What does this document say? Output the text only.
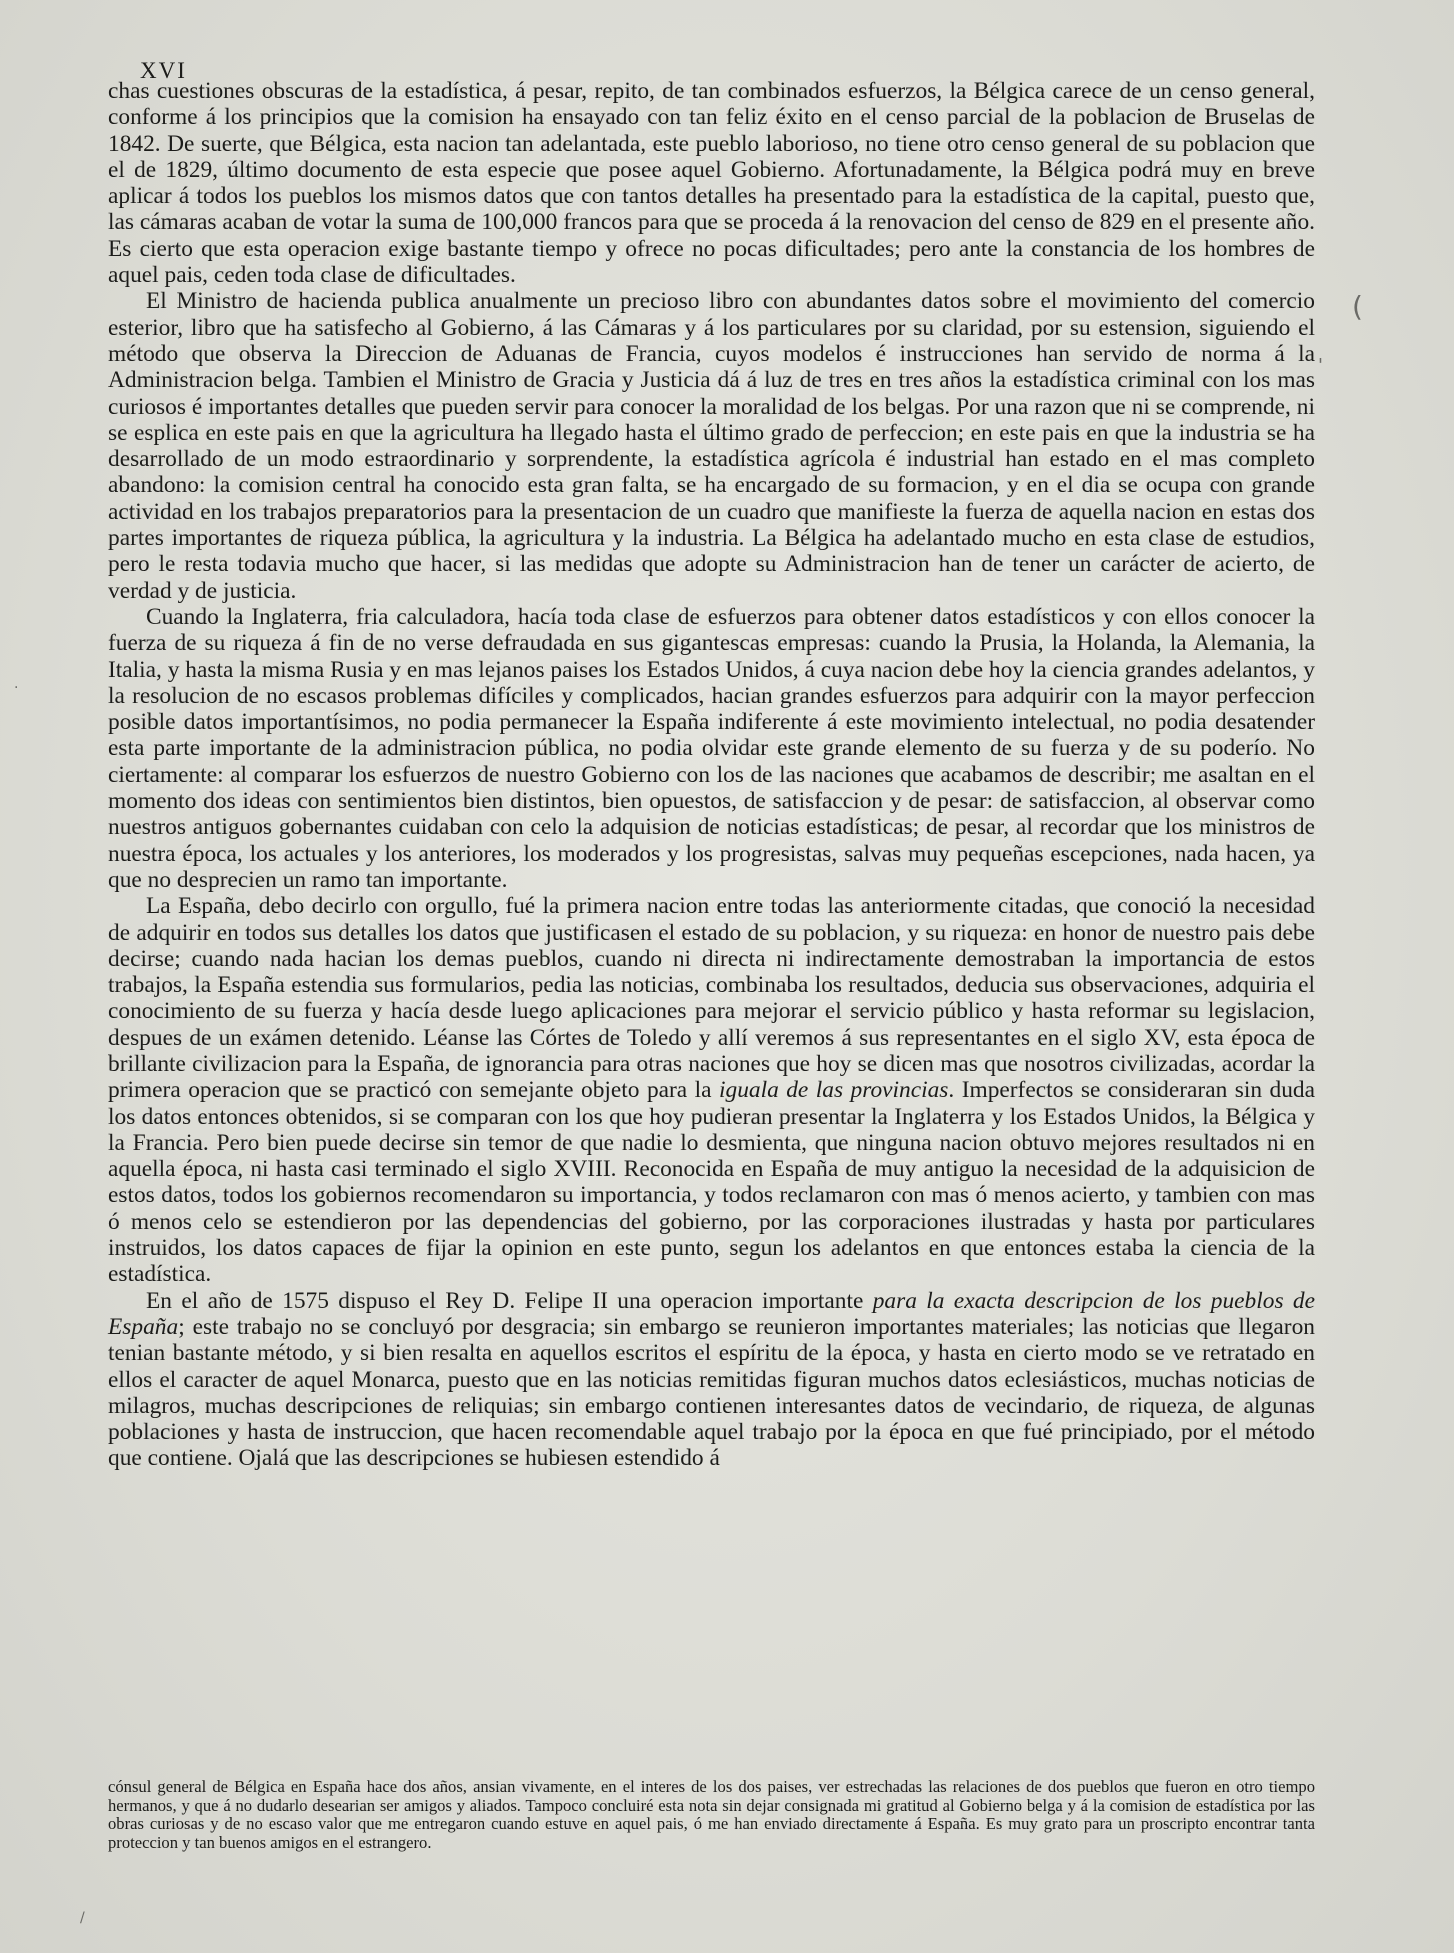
XVI

chas cuestiones obscuras de la estadística, á pesar, repito, de tan combinados esfuerzos, la Bélgica carece de un censo general, conforme á los principios que la comision ha ensayado con tan feliz éxito en el censo parcial de la poblacion de Bruselas de 1842. De suerte, que Bélgica, esta nacion tan adelantada, este pueblo laborioso, no tiene otro censo general de su poblacion que el de 1829, último documento de esta especie que posee aquel Gobierno. Afortunadamente, la Bélgica podrá muy en breve aplicar á todos los pueblos los mismos datos que con tantos detalles ha presentado para la estadística de la capital, puesto que, las cámaras acaban de votar la suma de 100,000 francos para que se proceda á la renovacion del censo de 829 en el presente año. Es cierto que esta operacion exige bastante tiempo y ofrece no pocas dificultades; pero ante la constancia de los hombres de aquel pais, ceden toda clase de dificultades.

El Ministro de hacienda publica anualmente un precioso libro con abundantes datos sobre el movimiento del comercio esterior, libro que ha satisfecho al Gobierno, á las Cámaras y á los particulares por su claridad, por su estension, siguiendo el método que observa la Direccion de Aduanas de Francia, cuyos modelos é instrucciones han servido de norma á la Administracion belga. Tambien el Ministro de Gracia y Justicia dá á luz de tres en tres años la estadística criminal con los mas curiosos é importantes detalles que pueden servir para conocer la moralidad de los belgas. Por una razon que ni se comprende, ni se esplica en este pais en que la agricultura ha llegado hasta el último grado de perfeccion; en este pais en que la industria se ha desarrollado de un modo estraordinario y sorprendente, la estadística agrícola é industrial han estado en el mas completo abandono: la comision central ha conocido esta gran falta, se ha encargado de su formacion, y en el dia se ocupa con grande actividad en los trabajos preparatorios para la presentacion de un cuadro que manifieste la fuerza de aquella nacion en estas dos partes importantes de riqueza pública, la agricultura y la industria. La Bélgica ha adelantado mucho en esta clase de estudios, pero le resta todavia mucho que hacer, si las medidas que adopte su Administracion han de tener un carácter de acierto, de verdad y de justicia.

Cuando la Inglaterra, fria calculadora, hacía toda clase de esfuerzos para obtener datos estadísticos y con ellos conocer la fuerza de su riqueza á fin de no verse defraudada en sus gigantescas empresas: cuando la Prusia, la Holanda, la Alemania, la Italia, y hasta la misma Rusia y en mas lejanos paises los Estados Unidos, á cuya nacion debe hoy la ciencia grandes adelantos, y la resolucion de no escasos problemas difíciles y complicados, hacian grandes esfuerzos para adquirir con la mayor perfeccion posible datos importantísimos, no podia permanecer la España indiferente á este movimiento intelectual, no podia desatender esta parte importante de la administracion pública, no podia olvidar este grande elemento de su fuerza y de su poderío. No ciertamente: al comparar los esfuerzos de nuestro Gobierno con los de las naciones que acabamos de describir; me asaltan en el momento dos ideas con sentimientos bien distintos, bien opuestos, de satisfaccion y de pesar: de satisfaccion, al observar como nuestros antiguos gobernantes cuidaban con celo la adquision de noticias estadísticas; de pesar, al recordar que los ministros de nuestra época, los actuales y los anteriores, los moderados y los progresistas, salvas muy pequeñas escepciones, nada hacen, ya que no desprecien un ramo tan importante.

La España, debo decirlo con orgullo, fué la primera nacion entre todas las anteriormente citadas, que conoció la necesidad de adquirir en todos sus detalles los datos que justificasen el estado de su poblacion, y su riqueza: en honor de nuestro pais debe decirse; cuando nada hacian los demas pueblos, cuando ni directa ni indirectamente demostraban la importancia de estos trabajos, la España estendia sus formularios, pedia las noticias, combinaba los resultados, deducia sus observaciones, adquiria el conocimiento de su fuerza y hacía desde luego aplicaciones para mejorar el servicio público y hasta reformar su legislacion, despues de un exámen detenido. Léanse las Córtes de Toledo y allí veremos á sus representantes en el siglo XV, esta época de brillante civilizacion para la España, de ignorancia para otras naciones que hoy se dicen mas que nosotros civilizadas, acordar la primera operacion que se practicó con semejante objeto para la iguala de las provincias. Imperfectos se consideraran sin duda los datos entonces obtenidos, si se comparan con los que hoy pudieran presentar la Inglaterra y los Estados Unidos, la Bélgica y la Francia. Pero bien puede decirse sin temor de que nadie lo desmienta, que ninguna nacion obtuvo mejores resultados ni en aquella época, ni hasta casi terminado el siglo XVIII. Reconocida en España de muy antiguo la necesidad de la adquisicion de estos datos, todos los gobiernos recomendaron su importancia, y todos reclamaron con mas ó menos acierto, y tambien con mas ó menos celo se estendieron por las dependencias del gobierno, por las corporaciones ilustradas y hasta por particulares instruidos, los datos capaces de fijar la opinion en este punto, segun los adelantos en que entonces estaba la ciencia de la estadística.

En el año de 1575 dispuso el Rey D. Felipe II una operacion importante para la exacta descripcion de los pueblos de España; este trabajo no se concluyó por desgracia; sin embargo se reunieron importantes materiales; las noticias que llegaron tenian bastante método, y si bien resalta en aquellos escritos el espíritu de la época, y hasta en cierto modo se ve retratado en ellos el caracter de aquel Monarca, puesto que en las noticias remitidas figuran muchos datos eclesiásticos, muchas noticias de milagros, muchas descripciones de reliquias; sin embargo contienen interesantes datos de vecindario, de riqueza, de algunas poblaciones y hasta de instruccion, que hacen recomendable aquel trabajo por la época en que fué principiado, por el método que contiene. Ojalá que las descripciones se hubiesen estendido á

cónsul general de Bélgica en España hace dos años, ansian vivamente, en el interes de los dos paises, ver estrechadas las relaciones de dos pueblos que fueron en otro tiempo hermanos, y que á no dudarlo desearian ser amigos y aliados. Tampoco concluiré esta nota sin dejar consignada mi gratitud al Gobierno belga y á la comision de estadística por las obras curiosas y de no escaso valor que me entregaron cuando estuve en aquel pais, ó me han enviado directamente á España. Es muy grato para un proscripto encontrar tanta proteccion y tan buenos amigos en el estrangero.

(
'
·
/
